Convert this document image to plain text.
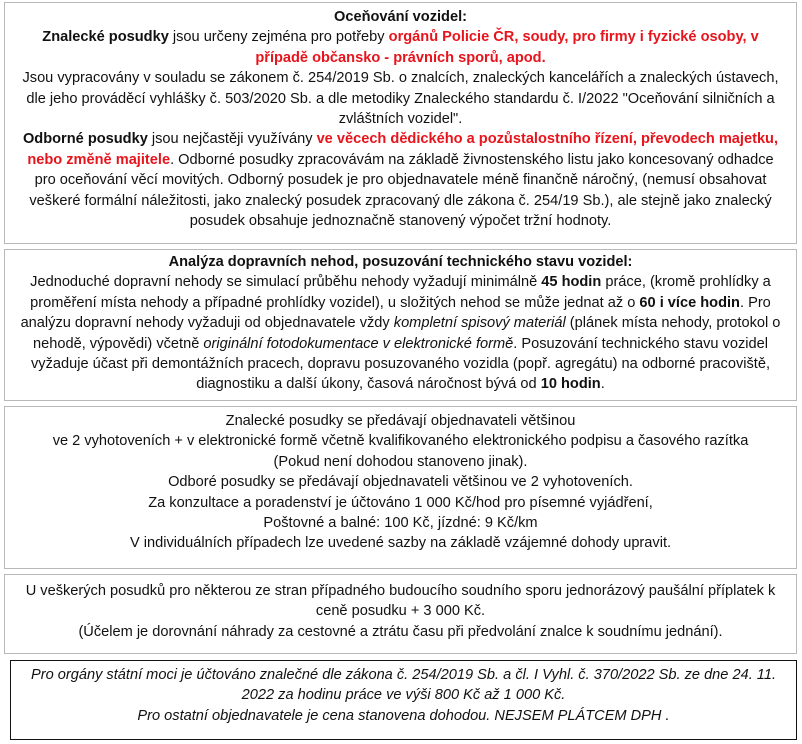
Oceňování vozidel:

Znalecké posudky jsou určeny zejména pro potřeby orgánů Policie ČR, soudy, pro firmy i fyzické osoby, v případě občansko - právních sporů, apod.

Jsou vypracovány v souladu se zákonem č. 254/2019 Sb. o znalcích, znaleckých kancelářích a znaleckých ústavech, dle jeho prováděcí vyhlášky č. 503/2020 Sb. a dle metodiky Znaleckého standardu č. I/2022 "Oceňování silničních a zvláštních vozidel".

Odborné posudky jsou nejčastěji využívány ve věcech dědického a pozůstalostního řízení, převodech majetku, nebo změně majitele. Odborné posudky zpracovávám na základě živnostenského listu jako koncesovaný odhadce pro oceňování věcí movitých. Odborný posudek je pro objednavatele méně finančně náročný, (nemusí obsahovat veškeré formální náležitosti, jako znalecký posudek zpracovaný dle zákona č. 254/19 Sb.), ale stejně jako znalecký posudek obsahuje jednoznačně stanovený výpočet tržní hodnoty.

Analýza dopravních nehod, posuzování technického stavu vozidel:

Jednoduché dopravní nehody se simulací průběhu nehody vyžadují minimálně 45 hodin práce, (kromě prohlídky a proměření místa nehody a případné prohlídky vozidel), u složitých nehod se může jednat až o 60 i více hodin. Pro analýzu dopravní nehody vyžaduji od objednavatele vždy kompletní spisový materiál (plánek místa nehody, protokol o nehodě, výpovědi) včetně originální fotodokumentace v elektronické formě. Posuzování technického stavu vozidel vyžaduje účast při demontážních pracech, dopravu posuzovaného vozidla (popř. agregátu) na odborné pracoviště, diagnostiku a další úkony, časová náročnost bývá od 10 hodin.

Znalecké posudky se předávají objednavateli většinou

ve 2 vyhotoveních + v elektronické formě včetně kvalifikovaného elektronického podpisu a časového razítka

(Pokud není dohodou stanoveno jinak).

Odboré posudky se předávají objednavateli většinou ve 2 vyhotoveních.

Za konzultace a poradenství je účtováno 1 000 Kč/hod pro písemné vyjádření,

Poštovné a balné: 100 Kč, jízdné: 9 Kč/km

V individuálních případech lze uvedené sazby na základě vzájemné dohody upravit.

U veškerých posudků pro některou ze stran případného budoucího soudního sporu jednorázový paušální příplatek k ceně posudku + 3 000 Kč.

(Účelem je dorovnání náhrady za cestovné a ztrátu času při předvolání znalce k soudnímu jednání).

Pro orgány státní moci je účtováno znalečné dle zákona č. 254/2019 Sb. a čl. I Vyhl. č. 370/2022 Sb. ze dne 24. 11. 2022 za hodinu práce ve výši 800 Kč až 1 000 Kč.

Pro ostatní objednavatele je cena stanovena dohodou. NEJSEM PLÁTCEM DPH .
